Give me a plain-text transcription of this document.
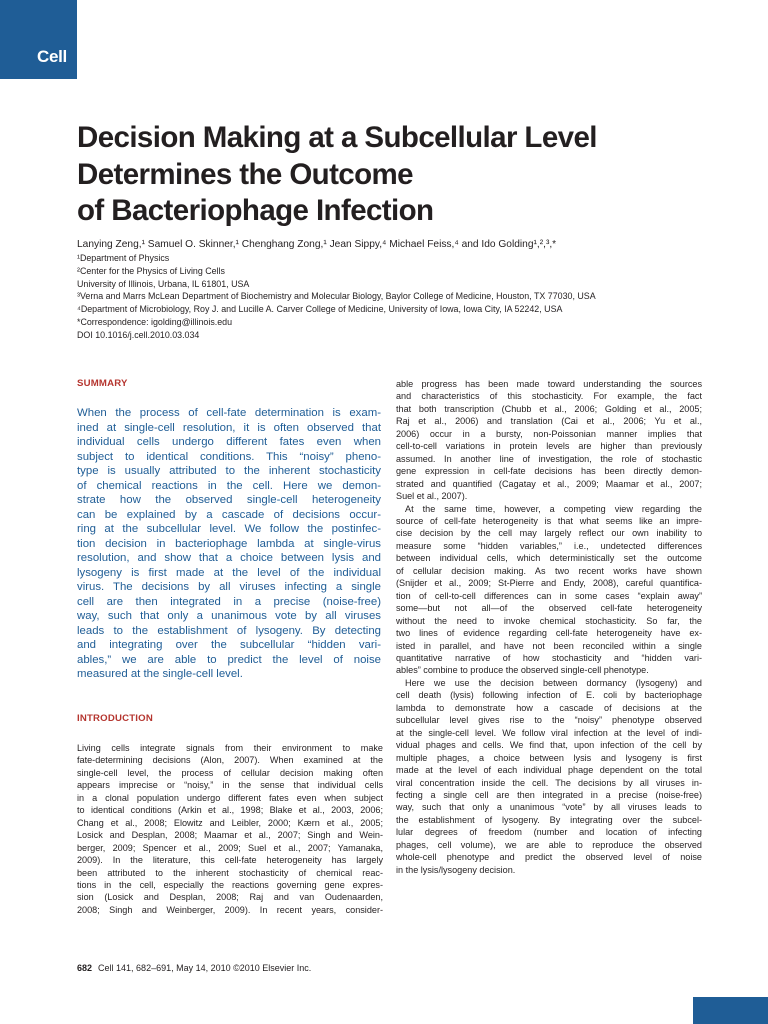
Cell
Decision Making at a Subcellular Level
Determines the Outcome
of Bacteriophage Infection
Lanying Zeng,¹ Samuel O. Skinner,¹ Chenghang Zong,¹ Jean Sippy,⁴ Michael Feiss,⁴ and Ido Golding¹,²,³,*
¹Department of Physics
²Center for the Physics of Living Cells
University of Illinois, Urbana, IL 61801, USA
³Verna and Marrs McLean Department of Biochemistry and Molecular Biology, Baylor College of Medicine, Houston, TX 77030, USA
⁴Department of Microbiology, Roy J. and Lucille A. Carver College of Medicine, University of Iowa, Iowa City, IA 52242, USA
*Correspondence: igolding@illinois.edu
DOI 10.1016/j.cell.2010.03.034
SUMMARY
When the process of cell-fate determination is exam-
ined at single-cell resolution, it is often observed that
individual cells undergo different fates even when
subject to identical conditions. This “noisy” pheno-
type is usually attributed to the inherent stochasticity
of chemical reactions in the cell. Here we demon-
strate how the observed single-cell heterogeneity
can be explained by a cascade of decisions occur-
ring at the subcellular level. We follow the postinfec-
tion decision in bacteriophage lambda at single-virus
resolution, and show that a choice between lysis and
lysogeny is first made at the level of the individual
virus. The decisions by all viruses infecting a single
cell are then integrated in a precise (noise-free)
way, such that only a unanimous vote by all viruses
leads to the establishment of lysogeny. By detecting
and integrating over the subcellular “hidden vari-
ables,” we are able to predict the level of noise
measured at the single-cell level.
INTRODUCTION
Living cells integrate signals from their environment to make
fate-determining decisions (Alon, 2007). When examined at the
single-cell level, the process of cellular decision making often
appears imprecise or “noisy,” in the sense that individual cells
in a clonal population undergo different fates even when subject
to identical conditions (Arkin et al., 1998; Blake et al., 2003, 2006;
Chang et al., 2008; Elowitz and Leibler, 2000; Kærn et al., 2005;
Losick and Desplan, 2008; Maamar et al., 2007; Singh and Wein-
berger, 2009; Spencer et al., 2009; Suel et al., 2007; Yamanaka,
2009). In the literature, this cell-fate heterogeneity has largely
been attributed to the inherent stochasticity of chemical reac-
tions in the cell, especially the reactions governing gene expres-
sion (Losick and Desplan, 2008; Raj and van Oudenaarden,
2008; Singh and Weinberger, 2009). In recent years, consider-
able progress has been made toward understanding the sources
and characteristics of this stochasticity. For example, the fact
that both transcription (Chubb et al., 2006; Golding et al., 2005;
Raj et al., 2006) and translation (Cai et al., 2006; Yu et al.,
2006) occur in a bursty, non-Poissonian manner implies that
cell-to-cell variations in protein levels are higher than previously
assumed. In another line of investigation, the role of stochastic
gene expression in cell-fate decisions has been directly demon-
strated and quantified (Cagatay et al., 2009; Maamar et al., 2007;
Suel et al., 2007).
At the same time, however, a competing view regarding the
source of cell-fate heterogeneity is that what seems like an impre-
cise decision by the cell may largely reflect our own inability to
measure some “hidden variables,” i.e., undetected differences
between individual cells, which deterministically set the outcome
of cellular decision making. As two recent works have shown
(Snijder et al., 2009; St-Pierre and Endy, 2008), careful quantifica-
tion of cell-to-cell differences can in some cases “explain away”
some—but not all—of the observed cell-fate heterogeneity
without the need to invoke chemical stochasticity. So far, the
two lines of evidence regarding cell-fate heterogeneity have ex-
isted in parallel, and have not been reconciled within a single
quantitative narrative of how stochasticity and “hidden vari-
ables” combine to produce the observed single-cell phenotype.
Here we use the decision between dormancy (lysogeny) and
cell death (lysis) following infection of E. coli by bacteriophage
lambda to demonstrate how a cascade of decisions at the
subcellular level gives rise to the “noisy” phenotype observed
at the single-cell level. We follow viral infection at the level of indi-
vidual phages and cells. We find that, upon infection of the cell by
multiple phages, a choice between lysis and lysogeny is first
made at the level of each individual phage dependent on the total
viral concentration inside the cell. The decisions by all viruses in-
fecting a single cell are then integrated in a precise (noise-free)
way, such that only a unanimous “vote” by all viruses leads to
the establishment of lysogeny. By integrating over the subcel-
lular degrees of freedom (number and location of infecting
phages, cell volume), we are able to reproduce the observed
whole-cell phenotype and predict the observed level of noise
in the lysis/lysogeny decision.
682 Cell 141, 682–691, May 14, 2010 ©2010 Elsevier Inc.
